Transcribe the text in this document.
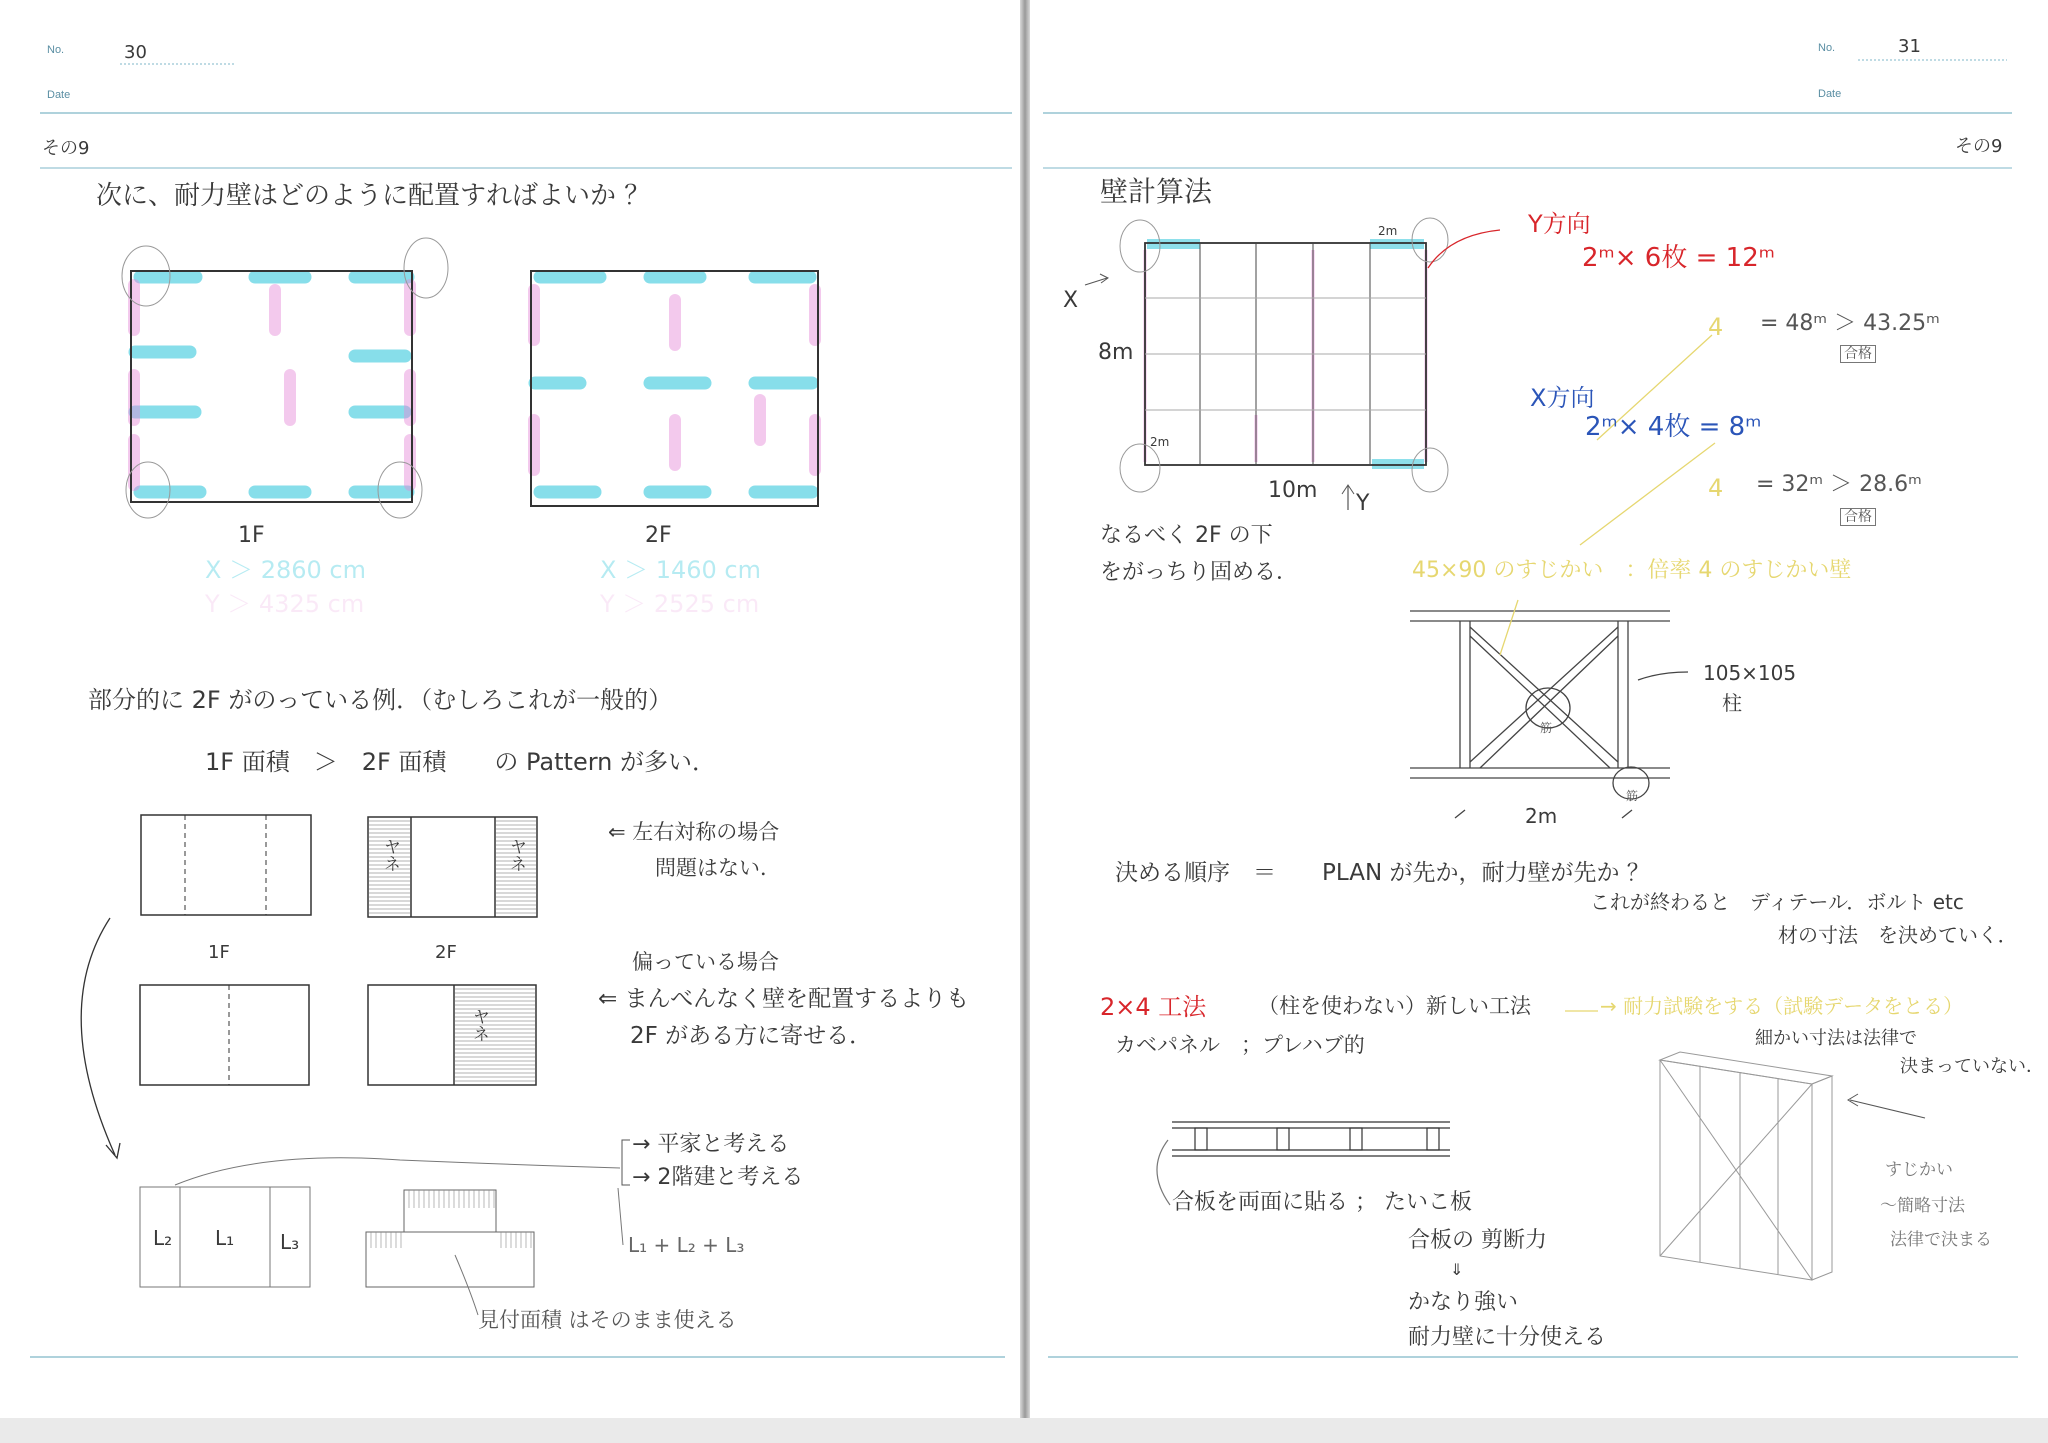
No.	30
Date
その9
次に、耐力壁はどのように配置すればよいか ？
1F	2F
X ＞ 2860 cm
Y ＞ 4325 cm
X ＞ 1460 cm
Y ＞ 2525 cm
部分的に 2F がのっている例．（むしろこれが一般的）
1F 面積　＞　2F 面積　　の Pattern が多い．
ヤネ	ヤネ
ヤネ
1F	2F
⇐ 左右対称の場合
問題はない．
偏っている場合
⇐ まんべんなく壁を配置するよりも
2F がある方に寄せる．
L₂ L₁ L₃
→ 平家と考える
→ 2階建と考える
L₁ + L₂ + L₃
見付面積 はそのまま使える
No.	31
Date
その9
壁計算法
2m
2m
8m
10m
X
Y
Y方向
2ᵐ× 6枚 = 12ᵐ
4 = 48ᵐ ＞ 43.25ᵐ
合格
X方向
2ᵐ× 4枚 = 8ᵐ
4 = 32ᵐ ＞ 28.6ᵐ
合格
なるべく 2F の下
をがっちり固める．	45×90 のすじかい　：倍率 4 のすじかい壁
105×105
柱
筋
筋
2m
決める順序　＝　　PLAN が先か，耐力壁が先か ？
これが終わると　ディテール．ボルト etc
材の寸法　を決めていく．
2×4 工法 （柱を使わない）新しい工法	→ 耐力試験をする（試験データをとる）
カベパネル　；プレハブ的	細かい寸法は法律で
決まっていない．
合板を両面に貼る ； たいこ板
合板の 剪断力
⇓
かなり強い
耐力壁に十分使える
すじかい
～簡略寸法
法律で決まる
